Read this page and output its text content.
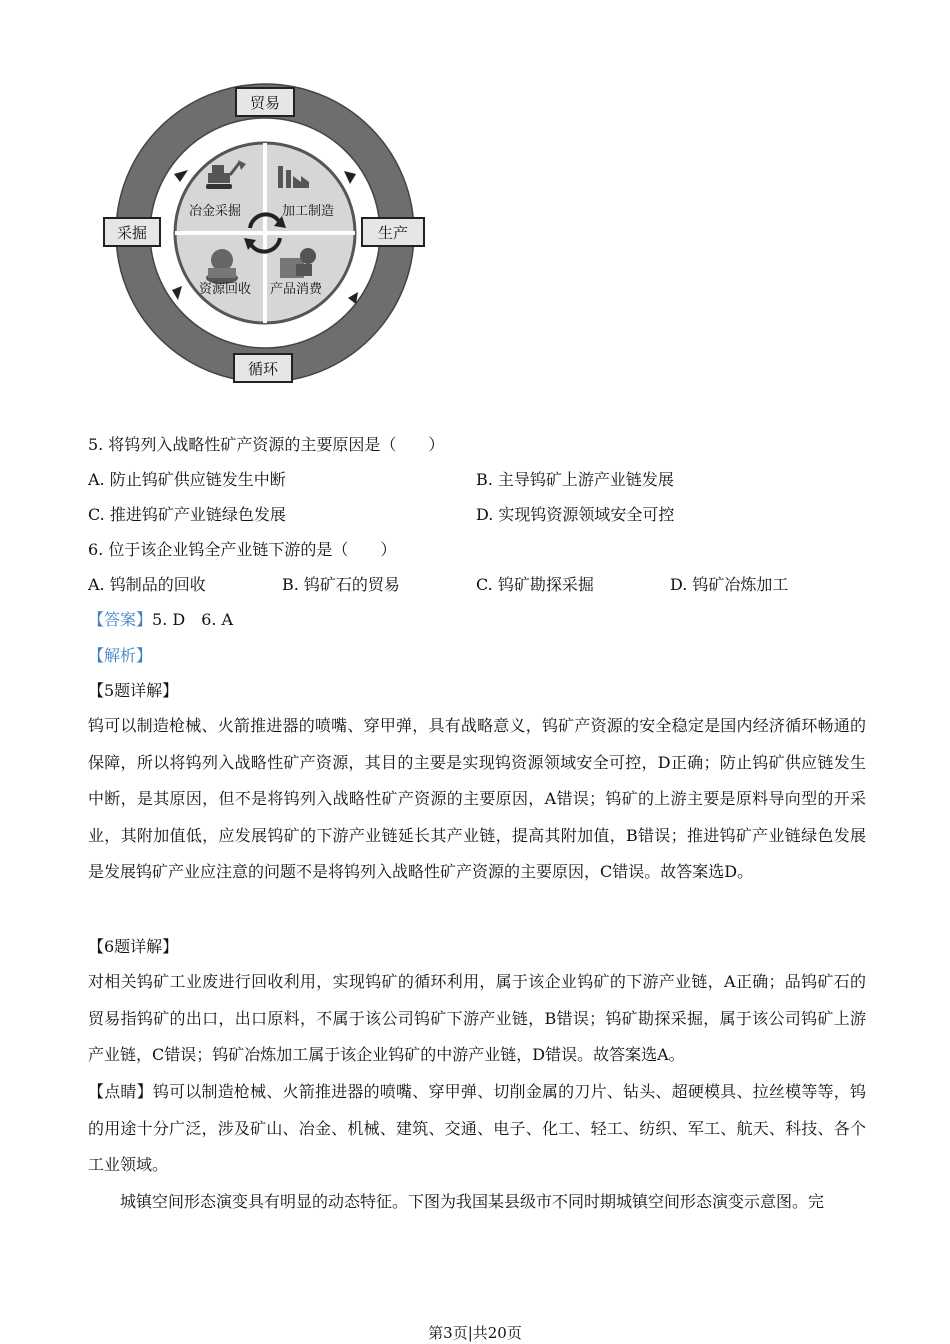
贸易
采掘	生产
循环
冶金采掘	加工制造
资源回收 产品消费
5. 将钨列入战略性矿产资源的主要原因是（　　）
A. 防止钨矿供应链发生中断	B. 主导钨矿上游产业链发展
C. 推进钨矿产业链绿色发展	D. 实现钨资源领域安全可控
6. 位于该企业钨全产业链下游的是（　　）
A. 钨制品的回收	B. 钨矿石的贸易	C. 钨矿勘探采掘	D. 钨矿冶炼加工
【答案】5. D　6. A
【解析】
【5题详解】
钨可以制造枪械、火箭推进器的喷嘴、穿甲弹，具有战略意义，钨矿产资源的安全稳定是国内经济循环畅通的保障，所以将钨列入战略性矿产资源，其目的主要是实现钨资源领域安全可控，D正确；防止钨矿供应链发生中断，是其原因，但不是将钨列入战略性矿产资源的主要原因，A错误；钨矿的上游主要是原料导向型的开采业，其附加值低，应发展钨矿的下游产业链延长其产业链，提高其附加值，B错误；推进钨矿产业链绿色发展是发展钨矿产业应注意的问题不是将钨列入战略性矿产资源的主要原因，C错误。故答案选D。
【6题详解】
对相关钨矿工业废进行回收利用，实现钨矿的循环利用，属于该企业钨矿的下游产业链，A正确；品钨矿石的贸易指钨矿的出口，出口原料，不属于该公司钨矿下游产业链，B错误；钨矿勘探采掘，属于该公司钨矿上游产业链，C错误；钨矿冶炼加工属于该企业钨矿的中游产业链，D错误。故答案选A。
【点睛】钨可以制造枪械、火箭推进器的喷嘴、穿甲弹、切削金属的刀片、钻头、超硬模具、拉丝模等等，钨的用途十分广泛，涉及矿山、冶金、机械、建筑、交通、电子、化工、轻工、纺织、军工、航天、科技、各个工业领域。
城镇空间形态演变具有明显的动态特征。下图为我国某县级市不同时期城镇空间形态演变示意图。完
第3页|共20页
